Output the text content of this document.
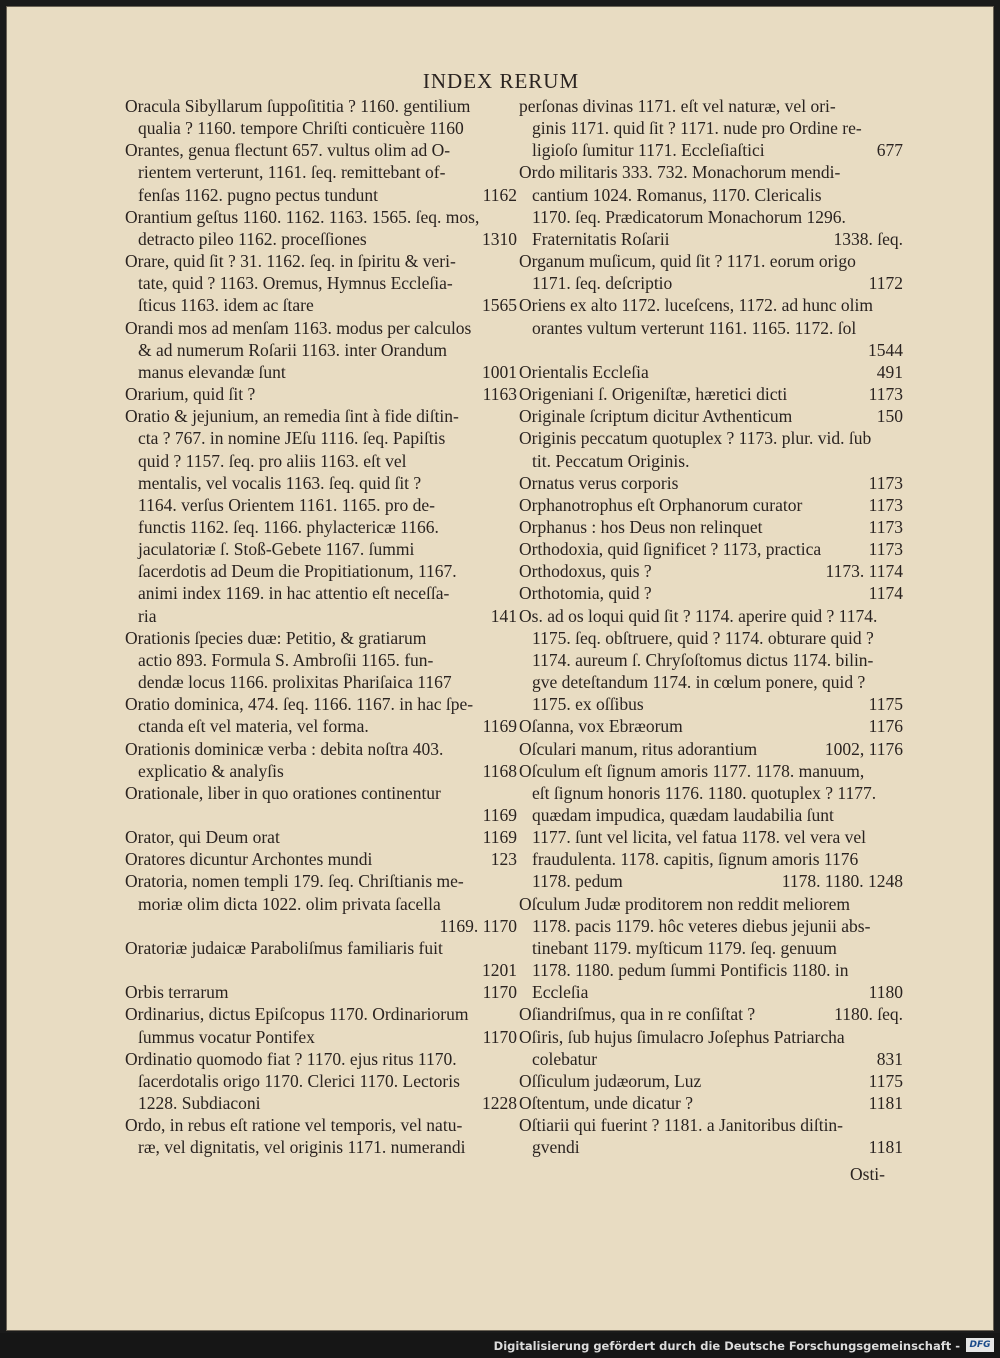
INDEX RERUM
Oracula Sibyllarum ſuppoſititia ? 1160. gentilium
qualia ? 1160. tempore Chriſti conticuère 1160
Orantes, genua flectunt 657. vultus olim ad O-
rientem verterunt, 1161. ſeq. remittebant of-
fenſas 1162. pugno pectus tundunt	1162
Orantium geſtus 1160. 1162. 1163. 1565. ſeq. mos,
detracto pileo 1162. proceſſiones	1310
Orare, quid ſit ? 31. 1162. ſeq. in ſpiritu & veri-
tate, quid ? 1163. Oremus, Hymnus Eccleſia-
ſticus 1163. idem ac ſtare	1565
Orandi mos ad menſam 1163. modus per calculos
& ad numerum Roſarii 1163. inter Orandum
manus elevandæ ſunt	1001
Orarium, quid ſit ?	1163
Oratio & jejunium, an remedia ſint à fide diſtin-
cta ? 767. in nomine JEſu 1116. ſeq. Papiſtis
quid ? 1157. ſeq. pro aliis 1163. eſt vel
mentalis, vel vocalis 1163. ſeq. quid ſit ?
1164. verſus Orientem 1161. 1165. pro de-
functis 1162. ſeq. 1166. phylactericæ 1166.
jaculatoriæ ſ. Stoß-Gebete 1167. ſummi
ſacerdotis ad Deum die Propitiationum, 1167.
animi index 1169. in hac attentio eſt neceſſa-
ria	141
Orationis ſpecies duæ: Petitio, & gratiarum
actio 893. Formula S. Ambroſii 1165. fun-
dendæ locus 1166. prolixitas Phariſaica 1167
Oratio dominica, 474. ſeq. 1166. 1167. in hac ſpe-
ctanda eſt vel materia, vel forma.	1169
Orationis dominicæ verba : debita noſtra 403.
explicatio & analyſis	1168
Orationale, liber in quo orationes continentur
1169
Orator, qui Deum orat	1169
Oratores dicuntur Archontes mundi	123
Oratoria, nomen templi 179. ſeq. Chriſtianis me-
moriæ olim dicta 1022. olim privata ſacella
1169. 1170
Oratoriæ judaicæ Paraboliſmus familiaris fuit
1201
Orbis terrarum	1170
Ordinarius, dictus Epiſcopus 1170. Ordinariorum
ſummus vocatur Pontifex	1170
Ordinatio quomodo fiat ? 1170. ejus ritus 1170.
ſacerdotalis origo 1170. Clerici 1170. Lectoris
1228. Subdiaconi	1228
Ordo, in rebus eſt ratione vel temporis, vel natu-
ræ, vel dignitatis, vel originis 1171. numerandi
perſonas divinas 1171. eſt vel naturæ, vel ori-
ginis 1171. quid ſit ? 1171. nude pro Ordine re-
ligioſo ſumitur 1171. Eccleſiaſtici	677
Ordo militaris 333. 732. Monachorum mendi-
cantium 1024. Romanus, 1170. Clericalis
1170. ſeq. Prædicatorum Monachorum 1296.
Fraternitatis Roſarii	1338. ſeq.
Organum muſicum, quid ſit ? 1171. eorum origo
1171. ſeq. deſcriptio	1172
Oriens ex alto 1172. luceſcens, 1172. ad hunc olim
orantes vultum verterunt 1161. 1165. 1172. ſol
1544
Orientalis Eccleſia	491
Origeniani ſ. Origeniſtæ, hæretici dicti	1173
Originale ſcriptum dicitur Avthenticum	150
Originis peccatum quotuplex ? 1173. plur. vid. ſub
tit. Peccatum Originis.
Ornatus verus corporis	1173
Orphanotrophus eſt Orphanorum curator	1173
Orphanus : hos Deus non relinquet	1173
Orthodoxia, quid ſignificet ? 1173, practica	1173
Orthodoxus, quis ?	1173. 1174
Orthotomia, quid ?	1174
Os. ad os loqui quid ſit ? 1174. aperire quid ? 1174.
1175. ſeq. obſtruere, quid ? 1174. obturare quid ?
1174. aureum ſ. Chryſoſtomus dictus 1174. bilin-
gve deteſtandum 1174. in cœlum ponere, quid ?
1175. ex oſſibus	1175
Oſanna, vox Ebræorum	1176
Oſculari manum, ritus adorantium	1002, 1176
Oſculum eſt ſignum amoris 1177. 1178. manuum,
eſt ſignum honoris 1176. 1180. quotuplex ? 1177.
quædam impudica, quædam laudabilia ſunt
1177. ſunt vel licita, vel fatua 1178. vel vera vel
fraudulenta. 1178. capitis, ſignum amoris 1176
1178. pedum	1178. 1180. 1248
Oſculum Judæ proditorem non reddit meliorem
1178. pacis 1179. hôc veteres diebus jejunii abs-
tinebant 1179. myſticum 1179. ſeq. genuum
1178. 1180. pedum ſummi Pontificis 1180. in
Eccleſia	1180
Oſiandriſmus, qua in re conſiſtat ?	1180. ſeq.
Oſiris, ſub hujus ſimulacro Joſephus Patriarcha
colebatur	831
Oſſiculum judæorum, Luz	1175
Oſtentum, unde dicatur ?	1181
Oſtiarii qui fuerint ? 1181. a Janitoribus diſtin-
gvendi	1181
Osti-
Digitalisierung gefördert durch die Deutsche Forschungsgemeinschaft -	DFG
